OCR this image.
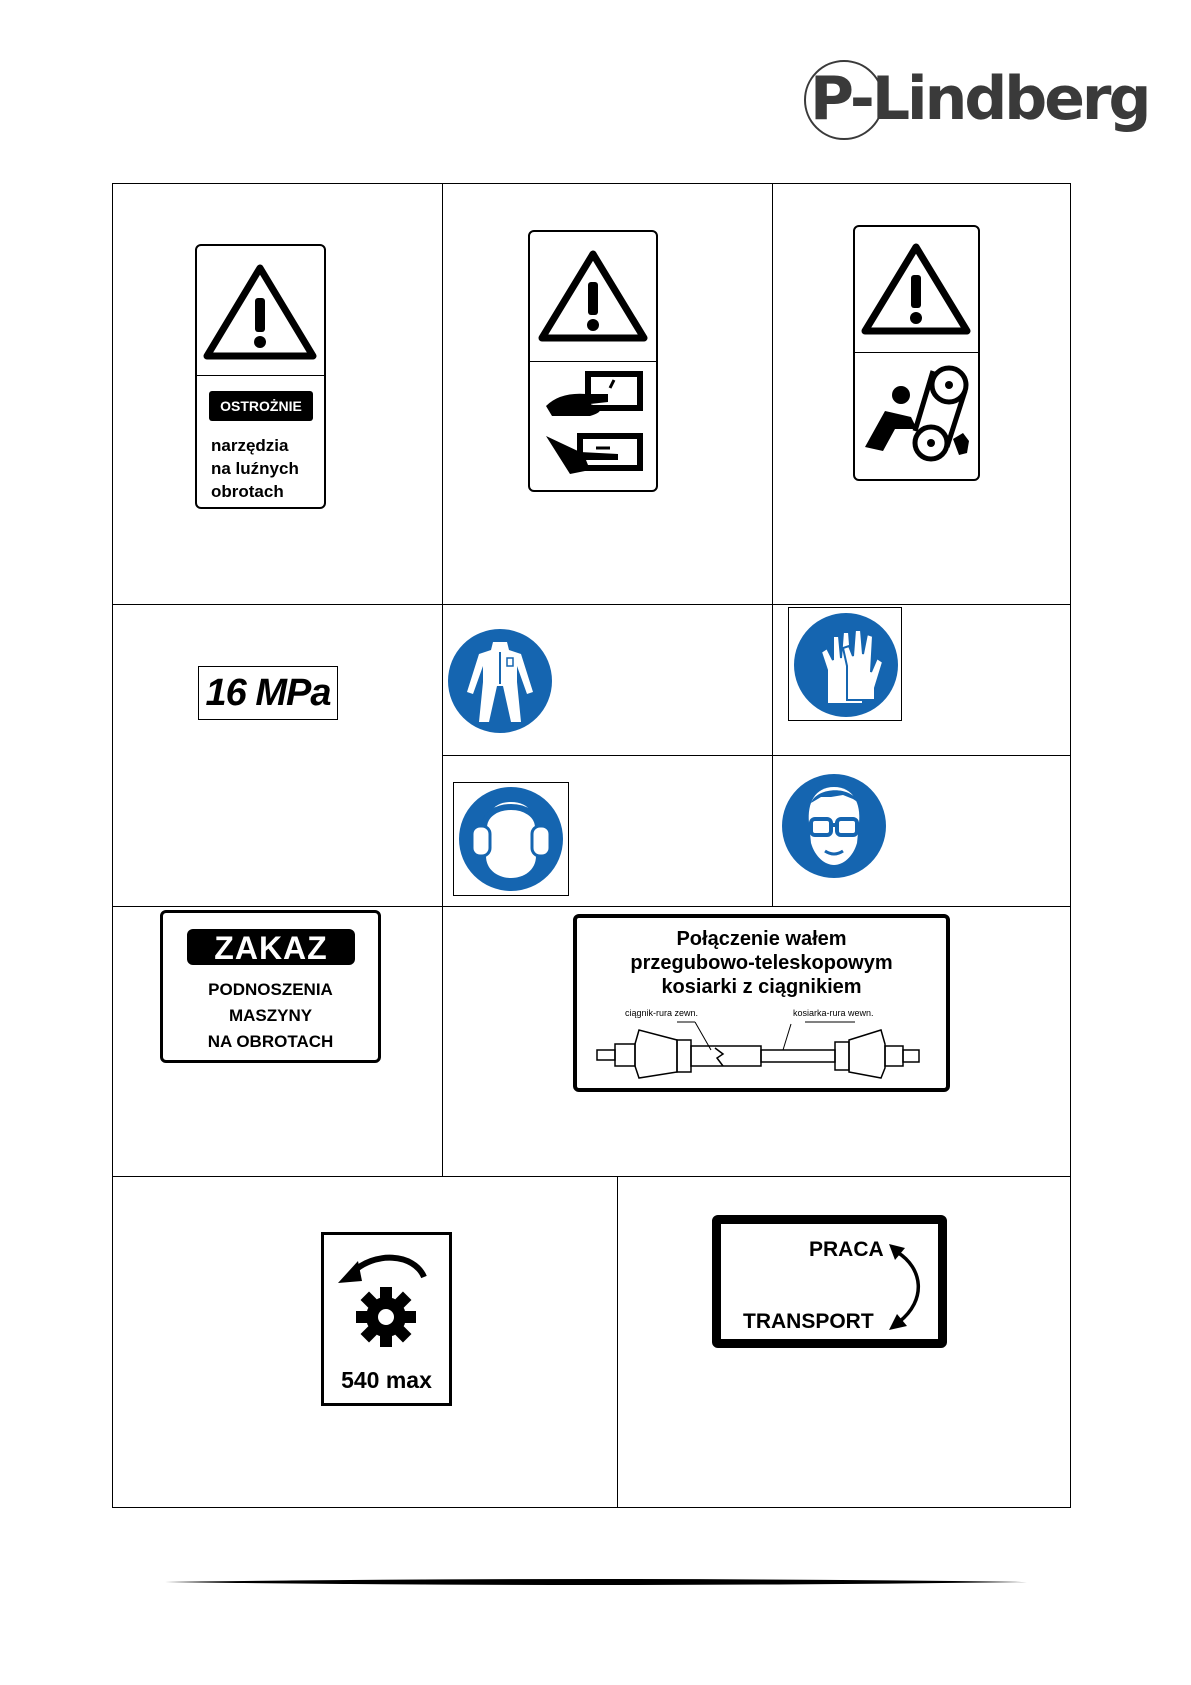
P-Lindberg
OSTROŻNIE
narzędzia
na luźnych
obrotach
16 MPa
ZAKAZ
PODNOSZENIA
MASZYNY
NA OBROTACH
Połączenie wałem
przegubowo-teleskopowym
kosiarki z ciągnikiem
ciągnik-rura zewn.	kosiarka-rura wewn.
540 max
PRACA
TRANSPORT
